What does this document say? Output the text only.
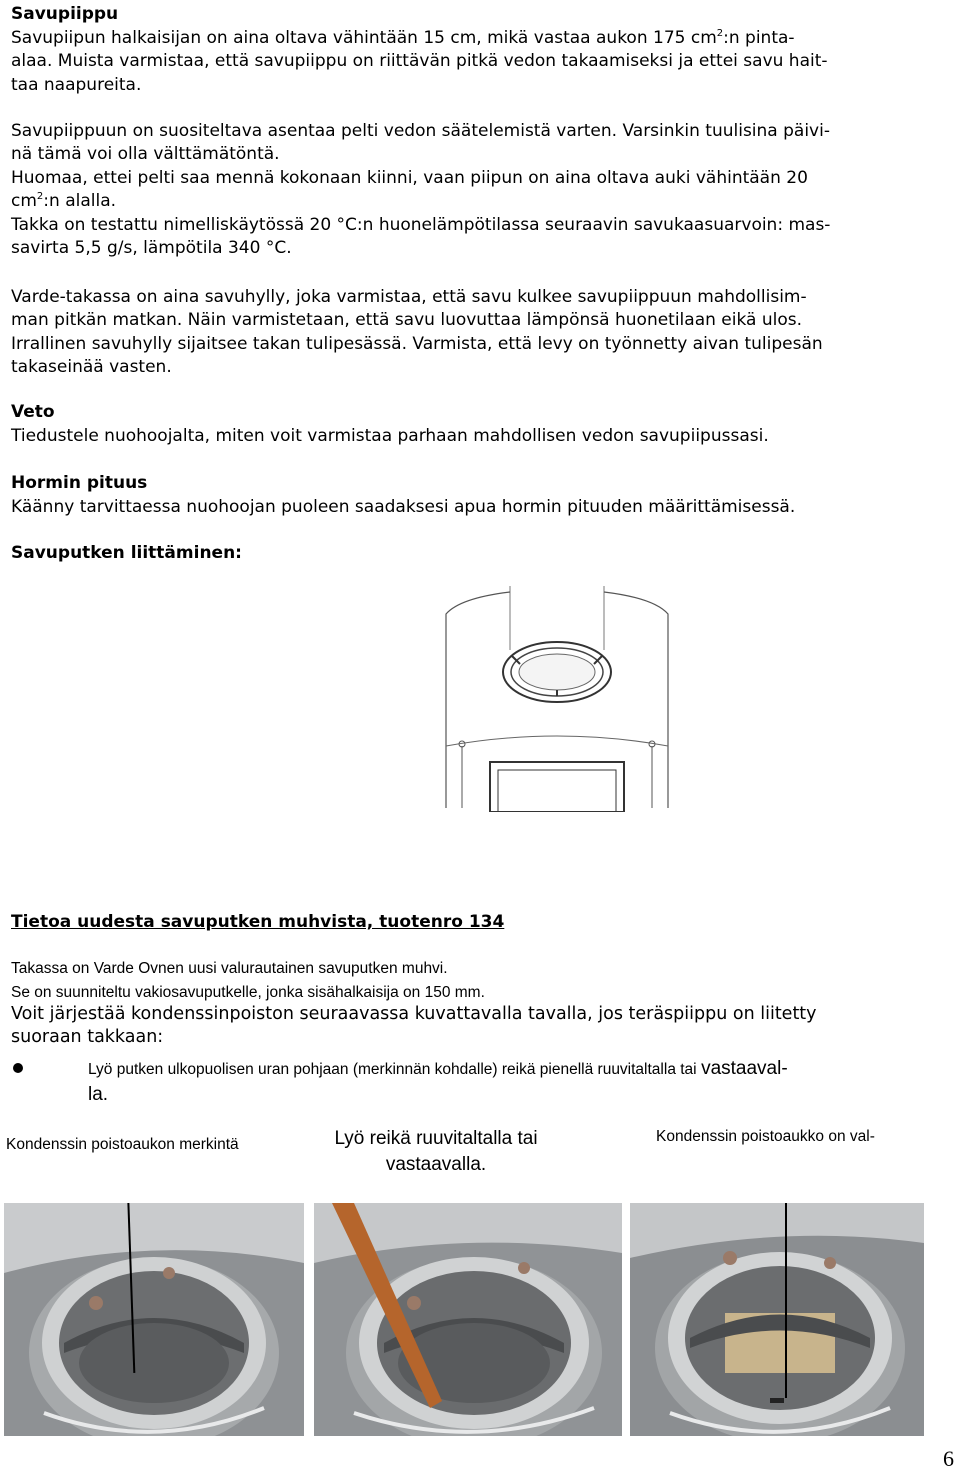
Savupiippu

Savupiipun halkaisijan on aina oltava vähintään 15 cm, mikä vastaa aukon 175 $cm^2:n$ pinta-
alaa. Muista varmistaa, että savupiippu on riittävän pitkä vedon takaamiseksi ja ettei savu hait-
taa naapureita.

Savupiippuun on suositeltava asentaa pelti vedon säätelemistä varten. Varsinkin tuulisina päivi-
nä tämä voi olla välttämätöntä.
Huomaa, ettei pelti saa mennä kokonaan kiinni, vaan piipun on aina oltava auki vähintään 20
$cm^2:n$ alalla.
Takka on testattu nimelliskäytössä 20 °C:n huonelämpötilassa seuraavin savukaasuarvoin: mas-
savirta 5,5 g/s, lämpötila 340 °C.

Varde-takassa on aina savuhylly, joka varmistaa, että savu kulkee savupiippuun mahdollisim-
man pitkän matkan. Näin varmistetaan, että savu luovuttaa lämpönsä huonetilaan eikä ulos.
Irrallinen savuhylly sijaitsee takan tulipesässä. Varmista, että levy on työnnetty aivan tulipesän
takaseinää vasten.

Veto

Tiedustele nuohoojalta, miten voit varmistaa parhaan mahdollisen vedon savupiipussasi.

Hormin pituus

Käänny tarvittaessa nuohoojan puoleen saadaksesi apua hormin pituuden määrittämisessä.

Savuputken liittäminen:

Tietoa uudesta savuputken muhvista, tuotenro 134

Takassa on Varde Ovnen uusi valurautainen savuputken muhvi.
Se on suunniteltu vakiosavuputkelle, jonka sisähalkaisija on 150 mm.

Voit järjestää kondenssinpoiston seuraavassa kuvattavalla tavalla, jos teräspiippu on liitetty
suoraan takkaan:

Lyö putken ulkopuolisen uran pohjaan (merkinnän kohdalle) reikä pienellä ruuvitaltalla tai vastaaval-
la.
Kondenssin poistoaukon merkintä	Lyö reikä ruuvitaltalla tai
vastaavalla.
Kondenssin poistoaukko on val-
6
